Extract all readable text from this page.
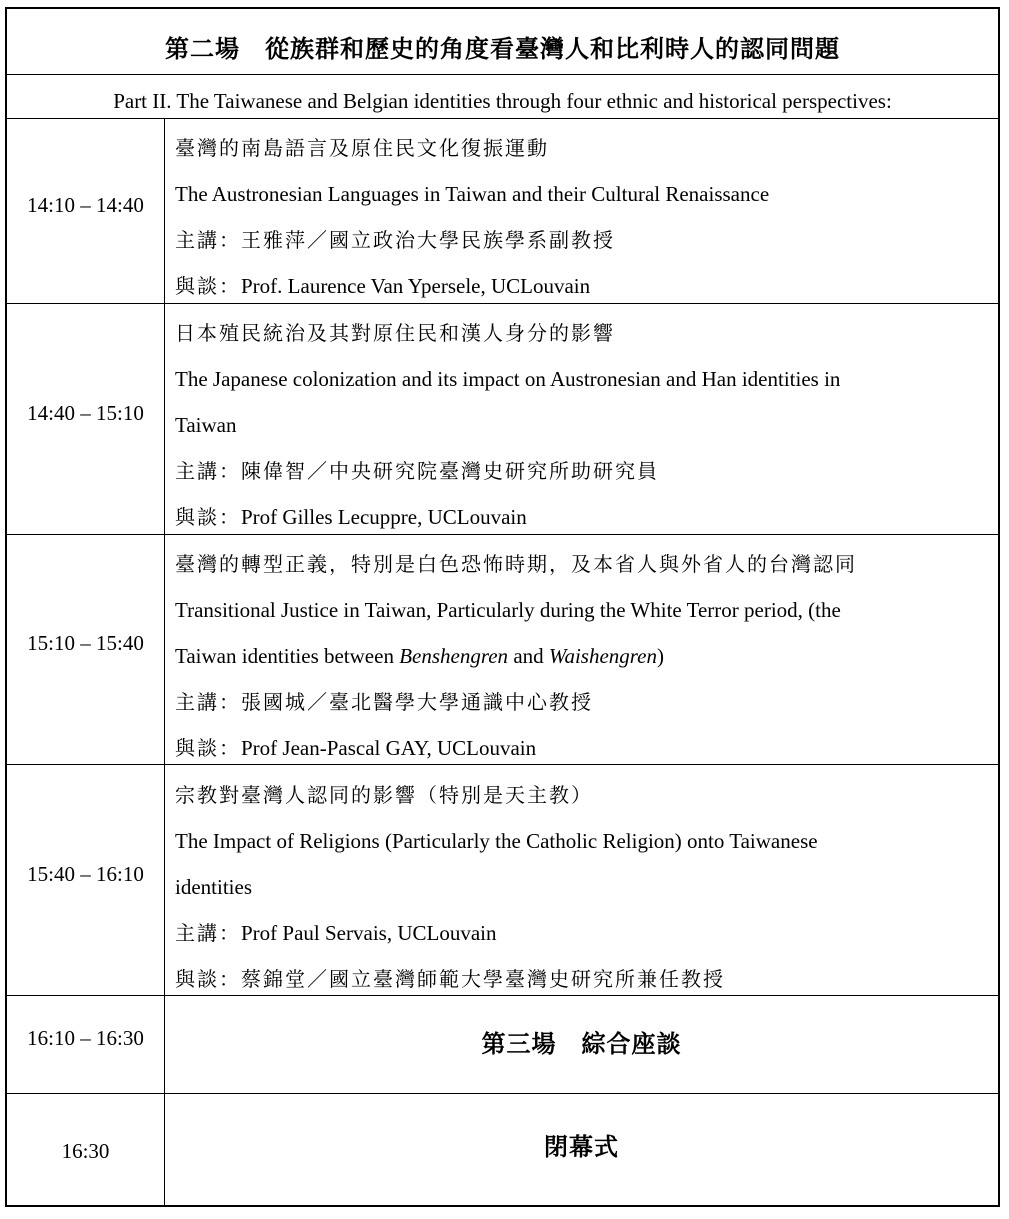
第二場　從族群和歷史的角度看臺灣人和比利時人的認同問題
Part II. The Taiwanese and Belgian identities through four ethnic and historical perspectives:
14:10 – 14:40
臺灣的南島語言及原住民文化復振運動
The Austronesian Languages in Taiwan and their Cultural Renaissance
主講：王雅萍／國立政治大學民族學系副教授
與談：Prof. Laurence Van Ypersele, UCLouvain
14:40 – 15:10
日本殖民統治及其對原住民和漢人身分的影響
The Japanese colonization and its impact on Austronesian and Han identities in
Taiwan
主講：陳偉智／中央研究院臺灣史研究所助研究員
與談：Prof Gilles Lecuppre, UCLouvain
15:10 – 15:40
臺灣的轉型正義，特別是白色恐怖時期，及本省人與外省人的台灣認同
Transitional Justice in Taiwan, Particularly during the White Terror period, (the
Taiwan identities between Benshengren and Waishengren)
主講：張國城／臺北醫學大學通識中心教授
與談：Prof Jean-Pascal GAY, UCLouvain
15:40 – 16:10
宗教對臺灣人認同的影響（特別是天主教）
The Impact of Religions (Particularly the Catholic Religion) onto Taiwanese
identities
主講：Prof Paul Servais, UCLouvain
與談：蔡錦堂／國立臺灣師範大學臺灣史研究所兼任教授
16:10 – 16:30	第三場　綜合座談
16:30	閉幕式
